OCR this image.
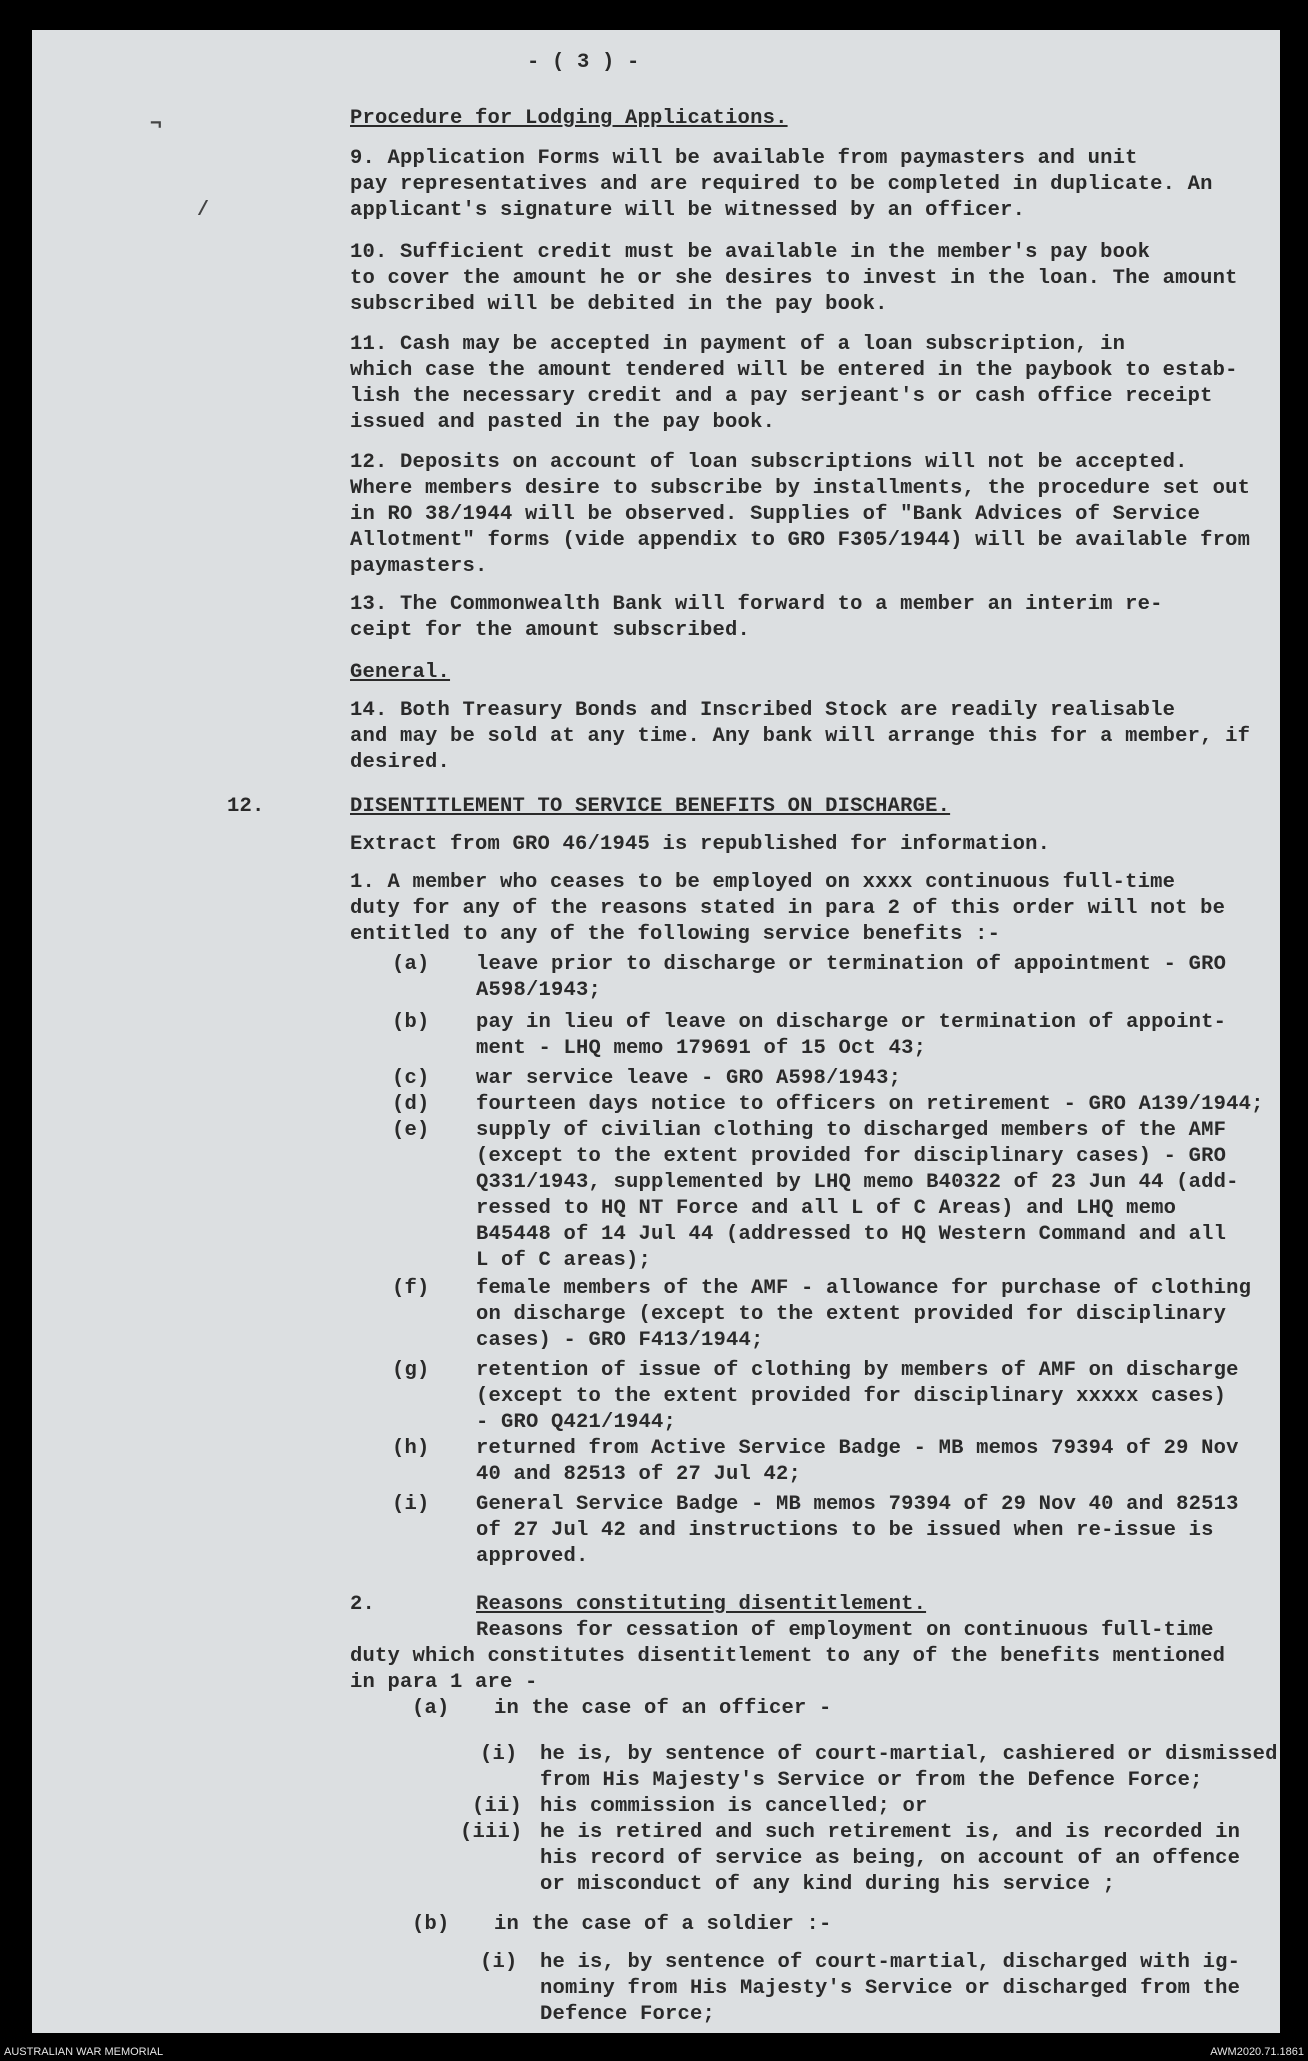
- ( 3 ) -
¬
/
Procedure for Lodging Applications.
9. Application Forms will be available from paymasters and unit
pay representatives and are required to be completed in duplicate. An
applicant's signature will be witnessed by an officer.
10. Sufficient credit must be available in the member's pay book
to cover the amount he or she desires to invest in the loan. The amount
subscribed will be debited in the pay book.
11. Cash may be accepted in payment of a loan subscription, in
which case the amount tendered will be entered in the paybook to estab-
lish the necessary credit and a pay serjeant's or cash office receipt
issued and pasted in the pay book.
12. Deposits on account of loan subscriptions will not be accepted.
Where members desire to subscribe by installments, the procedure set out
in RO 38/1944 will be observed. Supplies of "Bank Advices of Service
Allotment" forms (vide appendix to GRO F305/1944) will be available from
paymasters.
13. The Commonwealth Bank will forward to a member an interim re-
ceipt for the amount subscribed.
General.
14. Both Treasury Bonds and Inscribed Stock are readily realisable
and may be sold at any time. Any bank will arrange this for a member, if
desired.
12.	DISENTITLEMENT TO SERVICE BENEFITS ON DISCHARGE.
Extract from GRO 46/1945 is republished for information.
1. A member who ceases to be employed on xxxx continuous full-time
duty for any of the reasons stated in para 2 of this order will not be
entitled to any of the following service benefits :-
(a) leave prior to discharge or termination of appointment - GRO
A598/1943;
(b) pay in lieu of leave on discharge or termination of appoint-
ment - LHQ memo 179691 of 15 Oct 43;
(c) war service leave - GRO A598/1943;
(d) fourteen days notice to officers on retirement - GRO A139/1944;
(e) supply of civilian clothing to discharged members of the AMF
(except to the extent provided for disciplinary cases) - GRO
Q331/1943, supplemented by LHQ memo B40322 of 23 Jun 44 (add-
ressed to HQ NT Force and all L of C Areas) and LHQ memo
B45448 of 14 Jul 44 (addressed to HQ Western Command and all
L of C areas);
(f) female members of the AMF - allowance for purchase of clothing
on discharge (except to the extent provided for disciplinary
cases) - GRO F413/1944;
(g) retention of issue of clothing by members of AMF on discharge
(except to the extent provided for disciplinary xxxxx cases)
- GRO Q421/1944;
(h) returned from Active Service Badge - MB memos 79394 of 29 Nov
40 and 82513 of 27 Jul 42;
(i) General Service Badge - MB memos 79394 of 29 Nov 40 and 82513
of 27 Jul 42 and instructions to be issued when re-issue is
approved.
2.	Reasons constituting disentitlement.
Reasons for cessation of employment on continuous full-time
duty which constitutes disentitlement to any of the benefits mentioned
in para 1 are -
(a) in the case of an officer -
(i) he is, by sentence of court-martial, cashiered or dismissed
from His Majesty's Service or from the Defence Force;
(ii) his commission is cancelled; or
(iii) he is retired and such retirement is, and is recorded in
his record of service as being, on account of an offence
or misconduct of any kind during his service ;
(b) in the case of a soldier :-
(i) he is, by sentence of court-martial, discharged with ig-
nominy from His Majesty's Service or discharged from the
Defence Force;
AUSTRALIAN WAR MEMORIAL	AWM2020.71.1861
